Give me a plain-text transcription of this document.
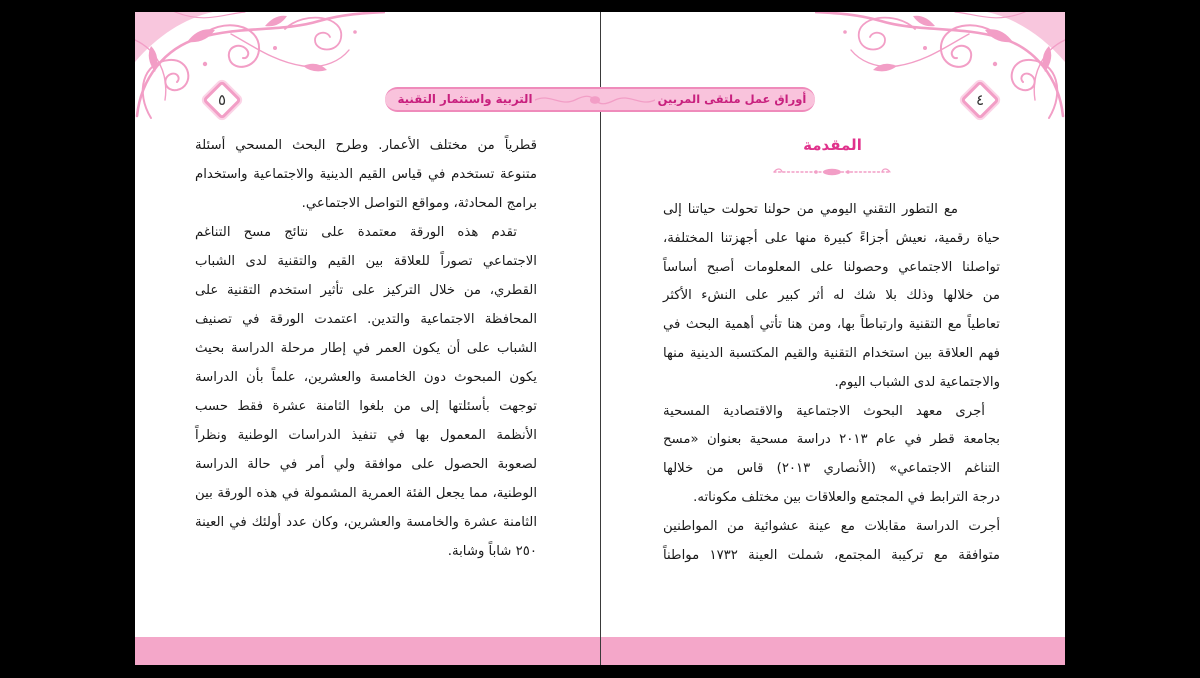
التربية واستثمار التقنية	أوراق عمل ملتقى المربين
٥	٤
قطرياً من مختلف الأعمار. وطرح البحث المسحي أسئلة
متنوعة تستخدم في قياس القيم الدينية والاجتماعية واستخدام
برامج المحادثة، ومواقع التواصل الاجتماعي.
تقدم هذه الورقة معتمدة على نتائج مسح التناغم
الاجتماعي تصوراً للعلاقة بين القيم والتقنية لدى الشباب
القطري، من خلال التركيز على تأثير استخدم التقنية على
المحافظة الاجتماعية والتدين. اعتمدت الورقة في تصنيف
الشباب على أن يكون العمر في إطار مرحلة الدراسة بحيث
يكون المبحوث دون الخامسة والعشرين، علماً بأن الدراسة
توجهت بأسئلتها إلى من بلغوا الثامنة عشرة فقط حسب
الأنظمة المعمول بها في تنفيذ الدراسات الوطنية ونظراً
لصعوبة الحصول على موافقة ولي أمر في حالة الدراسة
الوطنية، مما يجعل الفئة العمرية المشمولة في هذه الورقة بين
الثامنة عشرة والخامسة والعشرين، وكان عدد أولئك في العينة
٢٥٠ شاباً وشابة.
المقدمة
مع التطور التقني اليومي من حولنا تحولت حياتنا إلى
حياة رقمية، نعيش أجزاءً كبيرة منها على أجهزتنا المختلفة،
تواصلنا الاجتماعي وحصولنا على المعلومات أصبح أساساً
من خلالها وذلك بلا شك له أثر كبير على النشء الأكثر
تعاطياً مع التقنية وارتباطاً بها، ومن هنا تأتي أهمية البحث في
فهم العلاقة بين استخدام التقنية والقيم المكتسبة الدينية منها
والاجتماعية لدى الشباب اليوم.
أجرى معهد البحوث الاجتماعية والاقتصادية المسحية
بجامعة قطر في عام ٢٠١٣ دراسة مسحية بعنوان «مسح
التناغم الاجتماعي» (الأنصاري ٢٠١٣) قاس من خلالها
درجة الترابط في المجتمع والعلاقات بين مختلف مكوناته.
أجرت الدراسة مقابلات مع عينة عشوائية من المواطنين
متوافقة مع تركيبة المجتمع، شملت العينة ١٧٣٢ مواطناً
